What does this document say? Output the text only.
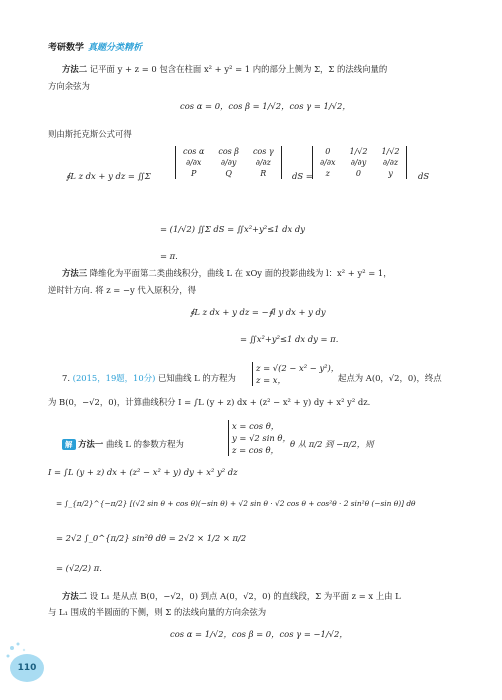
考研数学 真题分类精析
方法二 记平面 y + z = 0 包含在柱面 x² + y² = 1 内的部分上侧为 Σ，Σ 的法线向量的
方向余弦为
cos α = 0，cos β = 1/√2，cos γ = 1/√2，
则由斯托克斯公式可得
∮L z dx + y dz = ∬Σ
cos α	cos β	cos γ
∂/∂x	∂/∂y	∂/∂z
P	Q	R	dS =
0	1/√2	1/√2
∂/∂x	∂/∂y	∂/∂z
z	0	y	dS
= (1/√2) ∬Σ dS = ∬x²+y²≤1 dx dy
= π.
方法三 降维化为平面第二类曲线积分，曲线 L 在 xOy 面的投影曲线为 l：x² + y² = 1，
逆时针方向. 将 z = −y 代入原积分，得
∮L z dx + y dz = −∮l y dx + y dy
= ∬x²+y²≤1 dx dy = π.
7. (2015，19题，10分) 已知曲线 L 的方程为
z = √(2 − x² − y²)，
z = x，	起点为 A(0，√2，0)，终点
为 B(0，−√2，0)，计算曲线积分 I = ∫L (y + z) dx + (z² − x² + y) dy + x² y² dz.
解 方法一 曲线 L 的参数方程为
x = cos θ，
y = √2 sin θ，
z = cos θ，
θ 从 π/2 到 −π/2，则
I = ∫L (y + z) dx + (z² − x² + y) dy + x² y² dz
= ∫_{π/2}^{−π/2} [(√2 sin θ + cos θ)(−sin θ) + √2 sin θ · √2 cos θ + cos²θ · 2 sin²θ (−sin θ)] dθ
= 2√2 ∫_0^{π/2} sin²θ dθ = 2√2 × 1/2 × π/2
= (√2/2) π.
方法二 设 L₁ 是从点 B(0，−√2，0) 到点 A(0，√2，0) 的直线段，Σ 为平面 z = x 上由 L
与 L₁ 围成的半圆面的下侧，则 Σ 的法线向量的方向余弦为
cos α = 1/√2，cos β = 0，cos γ = −1/√2，
110
